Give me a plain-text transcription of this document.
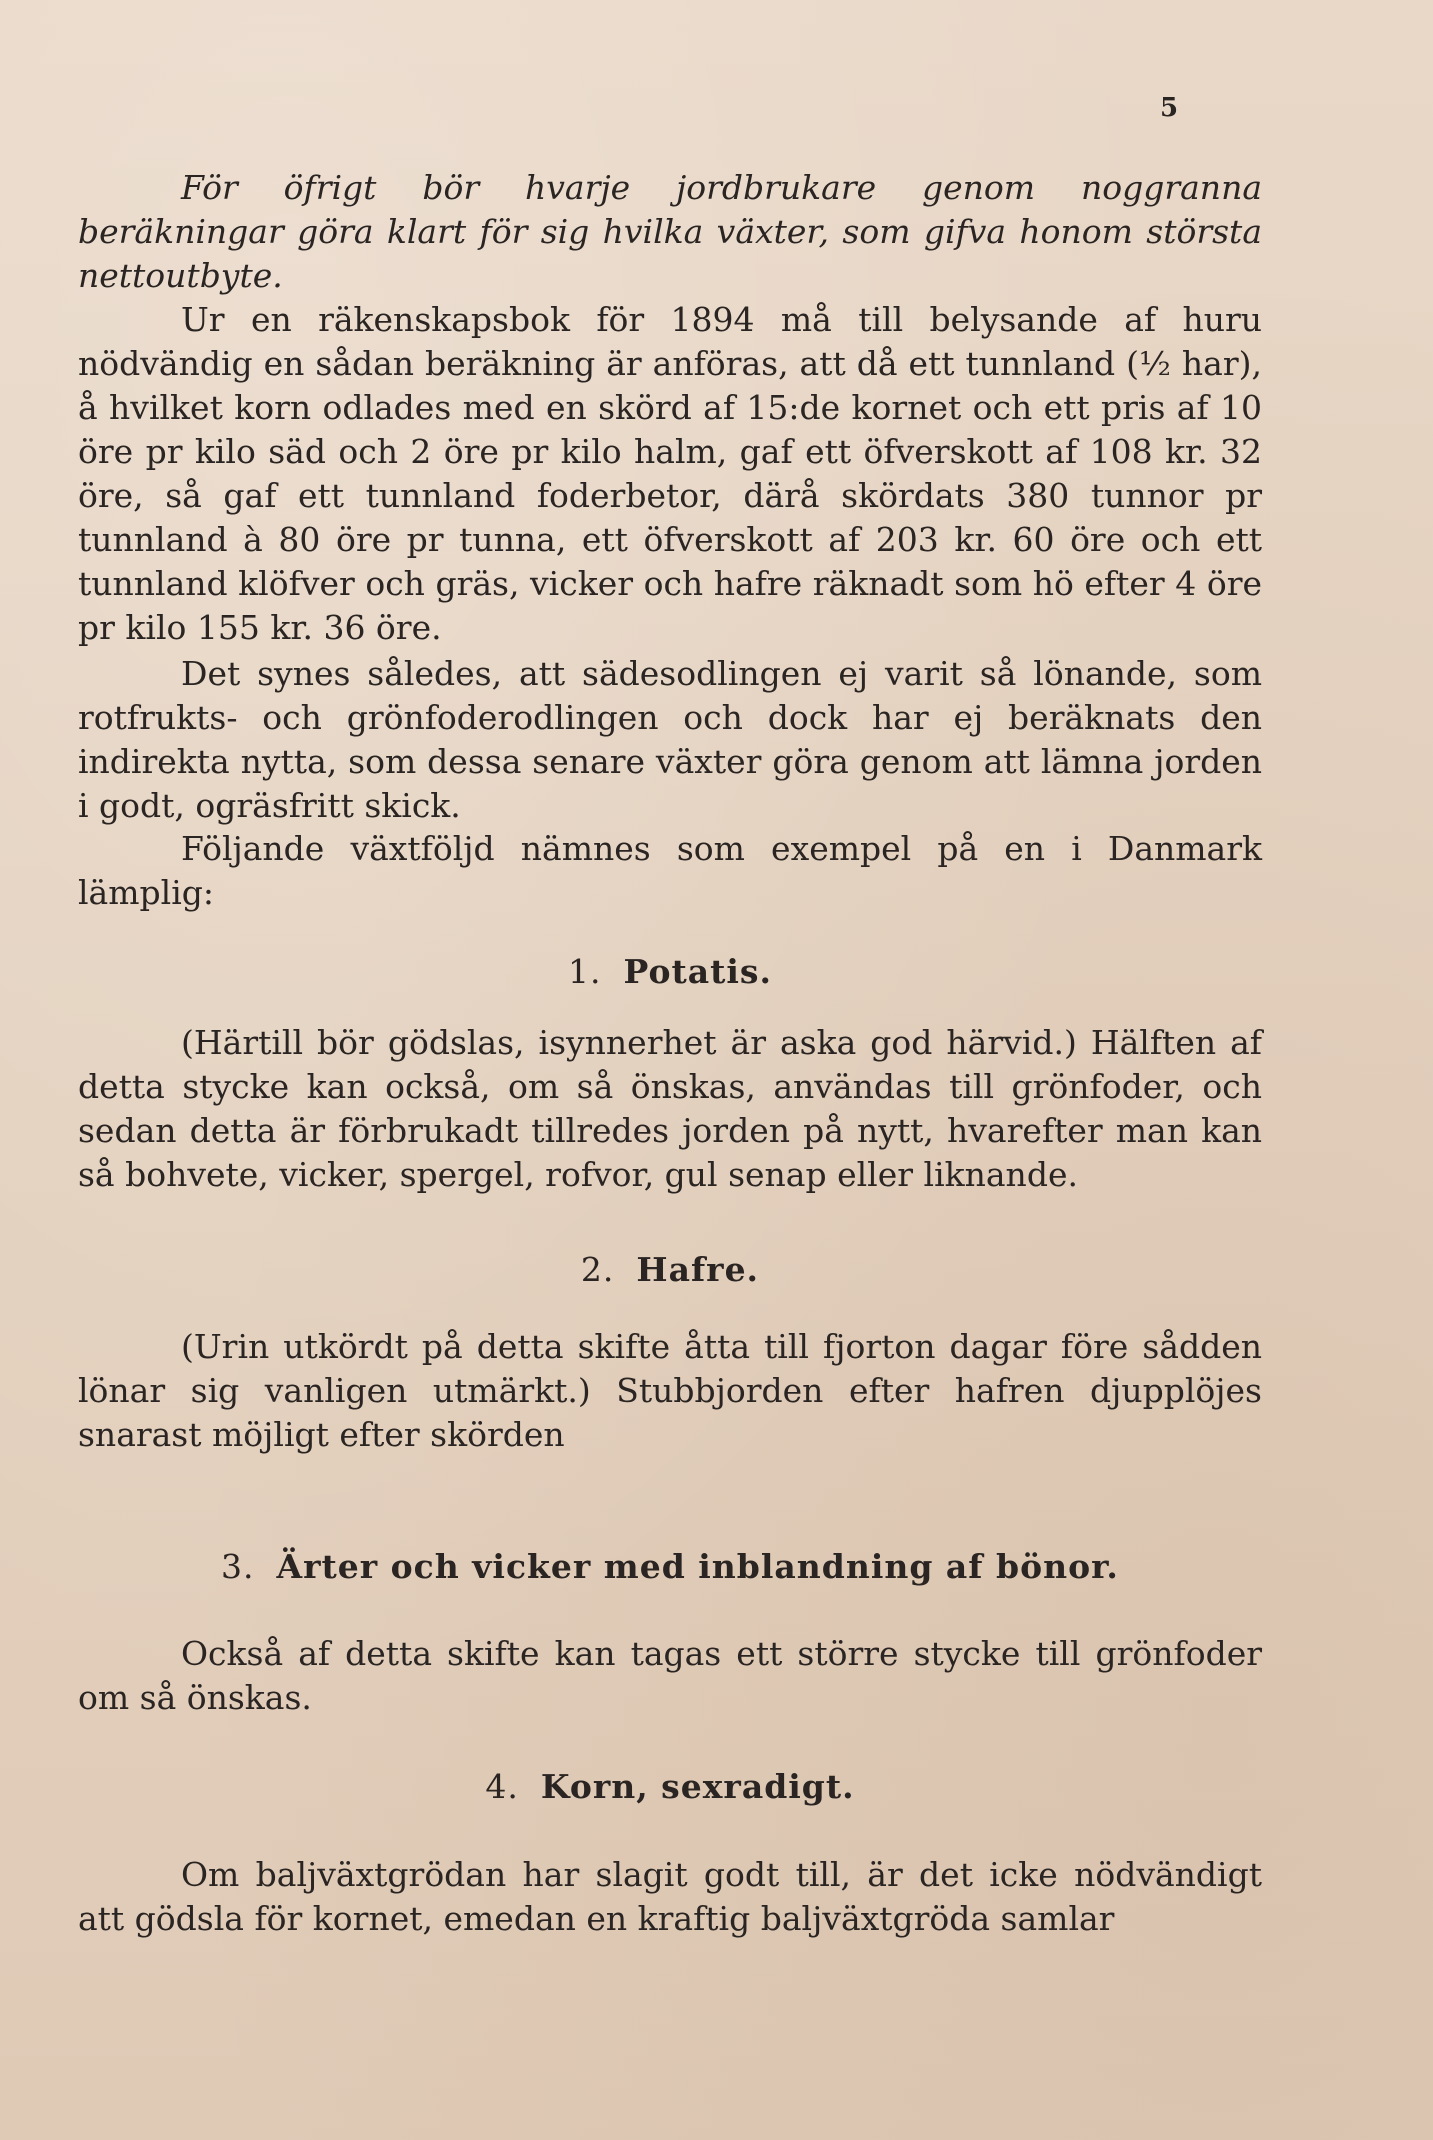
5

För öfrigt bör hvarje jordbrukare genom noggranna beräkningar göra klart för sig hvilka växter, som gifva honom största nettoutbyte.

Ur en räkenskapsbok för 1894 må till belysande af huru nödvändig en sådan beräkning är anföras, att då ett tunnland (½ har), å hvilket korn odlades med en skörd af 15:de kornet och ett pris af 10 öre pr kilo säd och 2 öre pr kilo halm, gaf ett öfverskott af 108 kr. 32 öre, så gaf ett tunnland foderbetor, därå skördats 380 tunnor pr tunnland à 80 öre pr tunna, ett öfverskott af 203 kr. 60 öre och ett tunnland klöfver och gräs, vicker och hafre räknadt som hö efter 4 öre pr kilo 155 kr. 36 öre.

Det synes således, att sädesodlingen ej varit så lönande, som rotfrukts- och grönfoderodlingen och dock har ej beräknats den indirekta nytta, som dessa senare växter göra genom att lämna jorden i godt, ogräsfritt skick.

Följande växtföljd nämnes som exempel på en i Danmark lämplig:

1. Potatis.

(Härtill bör gödslas, isynnerhet är aska god härvid.) Hälften af detta stycke kan också, om så önskas, användas till grönfoder, och sedan detta är förbrukadt tillredes jorden på nytt, hvarefter man kan så bohvete, vicker, spergel, rofvor, gul senap eller liknande.

2. Hafre.

(Urin utkördt på detta skifte åtta till fjorton dagar före sådden lönar sig vanligen utmärkt.) Stubbjorden efter hafren djupplöjes snarast möjligt efter skörden

3. Ärter och vicker med inblandning af bönor.

Också af detta skifte kan tagas ett större stycke till grönfoder om så önskas.

4. Korn, sexradigt.

Om baljväxtgrödan har slagit godt till, är det icke nödvändigt att gödsla för kornet, emedan en kraftig baljväxtgröda samlar
